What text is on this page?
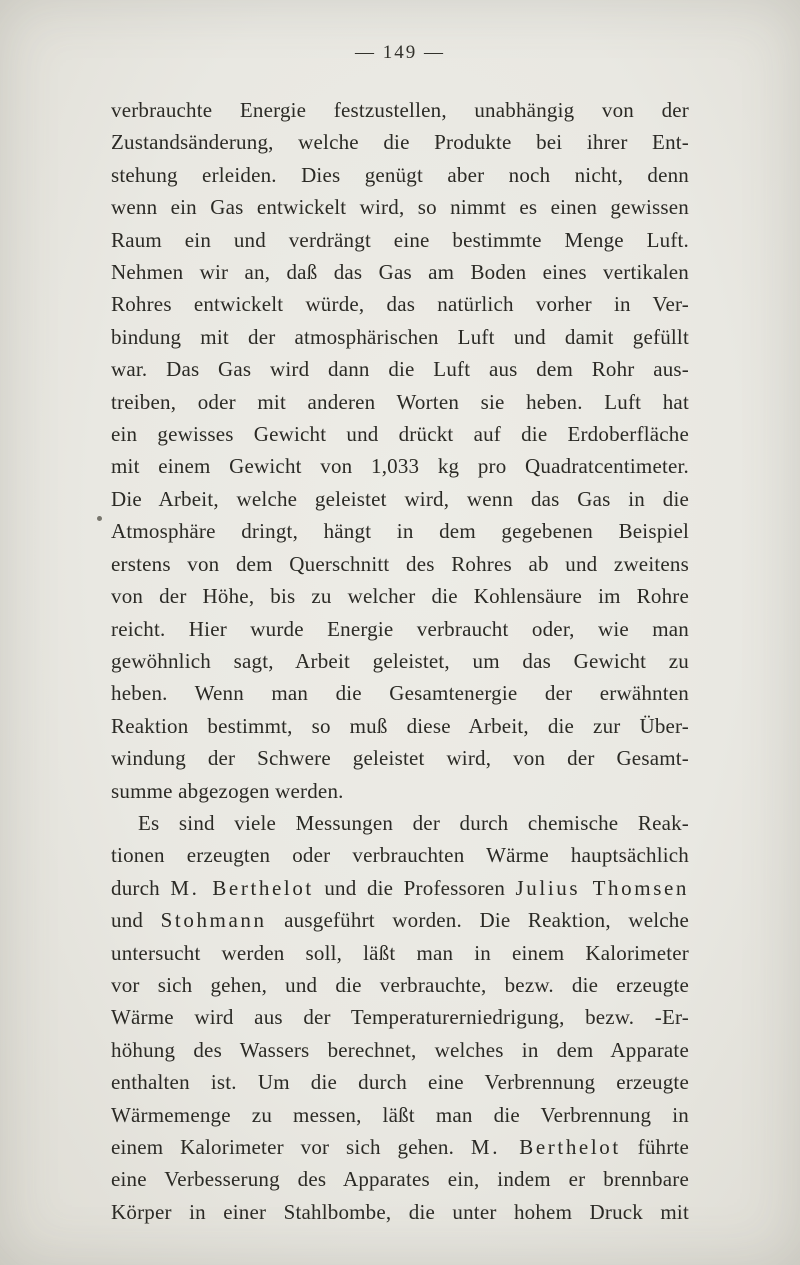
— 149 —
verbrauchte Energie festzustellen, unabhängig von der
Zustandsänderung, welche die Produkte bei ihrer Ent-
stehung erleiden. Dies genügt aber noch nicht, denn
wenn ein Gas entwickelt wird, so nimmt es einen gewissen
Raum ein und verdrängt eine bestimmte Menge Luft.
Nehmen wir an, daß das Gas am Boden eines vertikalen
Rohres entwickelt würde, das natürlich vorher in Ver-
bindung mit der atmosphärischen Luft und damit gefüllt
war. Das Gas wird dann die Luft aus dem Rohr aus-
treiben, oder mit anderen Worten sie heben. Luft hat
ein gewisses Gewicht und drückt auf die Erdoberfläche
mit einem Gewicht von 1,033 kg pro Quadratcentimeter.
Die Arbeit, welche geleistet wird, wenn das Gas in die
Atmosphäre dringt, hängt in dem gegebenen Beispiel
erstens von dem Querschnitt des Rohres ab und zweitens
von der Höhe, bis zu welcher die Kohlensäure im Rohre
reicht. Hier wurde Energie verbraucht oder, wie man
gewöhnlich sagt, Arbeit geleistet, um das Gewicht zu
heben. Wenn man die Gesamtenergie der erwähnten
Reaktion bestimmt, so muß diese Arbeit, die zur Über-
windung der Schwere geleistet wird, von der Gesamt-
summe abgezogen werden.
Es sind viele Messungen der durch chemische Reak-
tionen erzeugten oder verbrauchten Wärme hauptsächlich
durch M. Berthelot und die Professoren Julius Thomsen
und Stohmann ausgeführt worden. Die Reaktion, welche
untersucht werden soll, läßt man in einem Kalorimeter
vor sich gehen, und die verbrauchte, bezw. die erzeugte
Wärme wird aus der Temperaturerniedrigung, bezw. -Er-
höhung des Wassers berechnet, welches in dem Apparate
enthalten ist. Um die durch eine Verbrennung erzeugte
Wärmemenge zu messen, läßt man die Verbrennung in
einem Kalorimeter vor sich gehen. M. Berthelot führte
eine Verbesserung des Apparates ein, indem er brennbare
Körper in einer Stahlbombe, die unter hohem Druck mit
